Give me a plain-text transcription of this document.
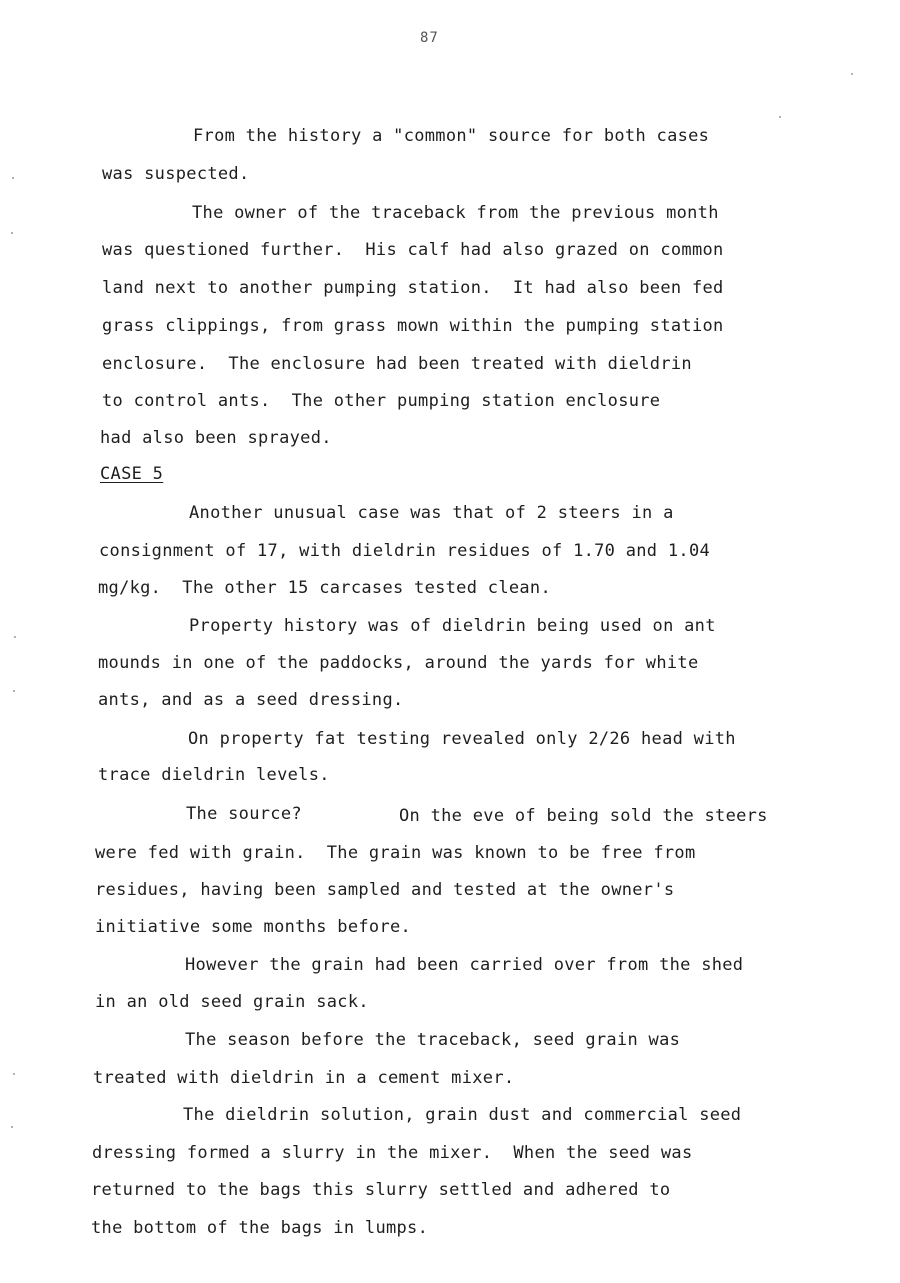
87
From the history a "common" source for both cases
was suspected.
The owner of the traceback from the previous month
was questioned further.  His calf had also grazed on common
land next to another pumping station.  It had also been fed
grass clippings, from grass mown within the pumping station
enclosure.  The enclosure had been treated with dieldrin
to control ants.  The other pumping station enclosure
had also been sprayed.
CASE 5
Another unusual case was that of 2 steers in a
consignment of 17, with dieldrin residues of 1.70 and 1.04
mg/kg.  The other 15 carcases tested clean.
Property history was of dieldrin being used on ant
mounds in one of the paddocks, around the yards for white
ants, and as a seed dressing.
On property fat testing revealed only 2/26 head with
trace dieldrin levels.
The source?	On the eve of being sold the steers
were fed with grain.  The grain was known to be free from
residues, having been sampled and tested at the owner's
initiative some months before.
However the grain had been carried over from the shed
in an old seed grain sack.
The season before the traceback, seed grain was
treated with dieldrin in a cement mixer.
The dieldrin solution, grain dust and commercial seed
dressing formed a slurry in the mixer.  When the seed was
returned to the bags this slurry settled and adhered to
the bottom of the bags in lumps.
